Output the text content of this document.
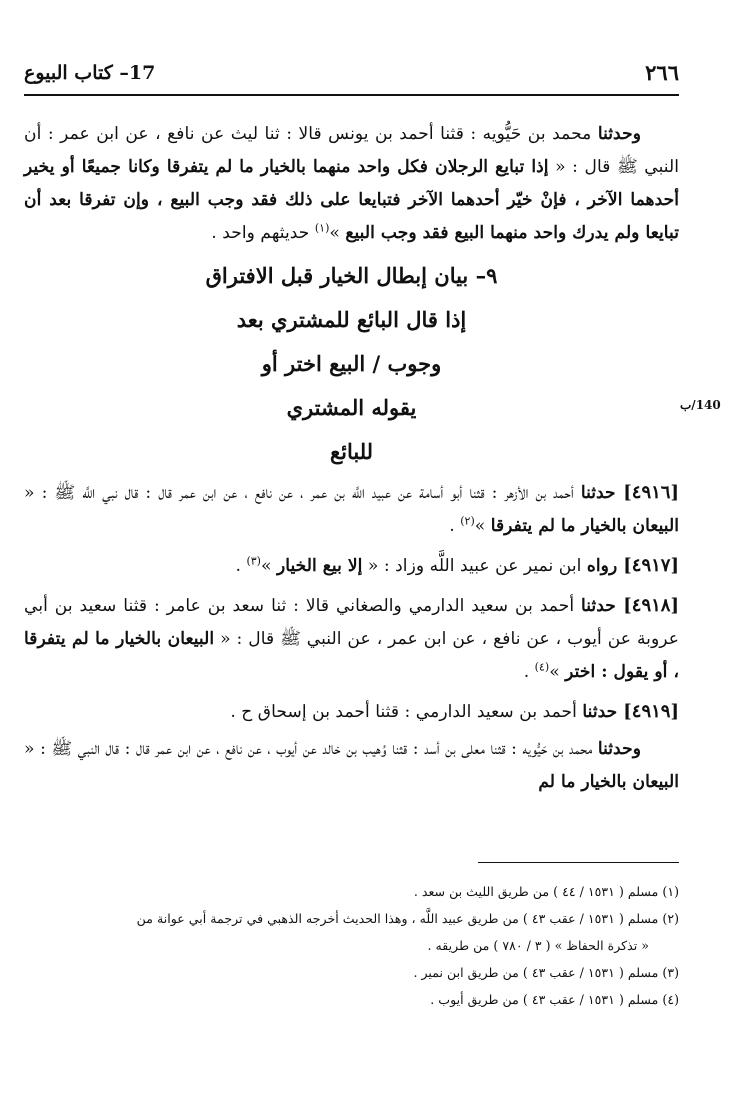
17– كتاب البيوع	٢٦٦
140/ب

وحدثنا محمد بن حَيُّويه : قثنا أحمد بن يونس قالا : ثنا ليث عن نافع ، عن ابن عمر : أن النبي ﷺ قال : « إذا تبايع الرجلان فكل واحد منهما بالخيار ما لم يتفرقا وكانا جميعًا أو يخير أحدهما الآخر ، فإنْ خيّر أحدهما الآخر فتبايعا على ذلك فقد وجب البيع ، وإن تفرقا بعد أن تبايعا ولم يدرك واحد منهما البيع فقد وجب البيع »$^{(١)}$ حديثهم واحد .

٩– بيان إبطال الخيار قبل الافتراق

إذا قال البائع للمشتري بعد

وجوب / البيع اختر أو

يقوله المشتري

للبائع

[٤٩١٦] حدثنا أحمد بن الأزهر : قثنا أبو أسامة عن عبيد اللَّه بن عمر ، عن نافع ، عن ابن عمر قال : قال نبي اللَّه ﷺ : « البيعان بالخيار ما لم يتفرقا »$^{(٢)}$ .

[٤٩١٧] رواه ابن نمير عن عبيد اللَّه وزاد : « إلا بيع الخيار »$^{(٣)}$ .

[٤٩١٨] حدثنا أحمد بن سعيد الدارمي والصغاني قالا : ثنا سعد بن عامر : قثنا سعيد بن أبي عروبة عن أيوب ، عن نافع ، عن ابن عمر ، عن النبي ﷺ قال : « البيعان بالخيار ما لم يتفرقا ، أو يقول : اختر »$^{(٤)}$ .

[٤٩١٩] حدثنا أحمد بن سعيد الدارمي : قثنا أحمد بن إسحاق ح .

وحدثنا محمد بن حَيُّويه : قثنا معلى بن أسد : قثنا وُهيب بن خالد عن أيوب ، عن نافع ، عن ابن عمر قال : قال النبي ﷺ : « البيعان بالخيار ما لم

(١) مسلم ( ١٥٣١ / ٤٤ ) من طريق الليث بن سعد .

(٢) مسلم ( ١٥٣١ / عقب ٤٣ ) من طريق عبيد اللَّه ، وهذا الحديث أخرجه الذهبي في ترجمة أبي عوانة من

« تذكرة الحفاظ » ( ٣ / ٧٨٠ ) من طريقه .

(٣) مسلم ( ١٥٣١ / عقب ٤٣ ) من طريق ابن نمير .

(٤) مسلم ( ١٥٣١ / عقب ٤٣ ) من طريق أيوب .
